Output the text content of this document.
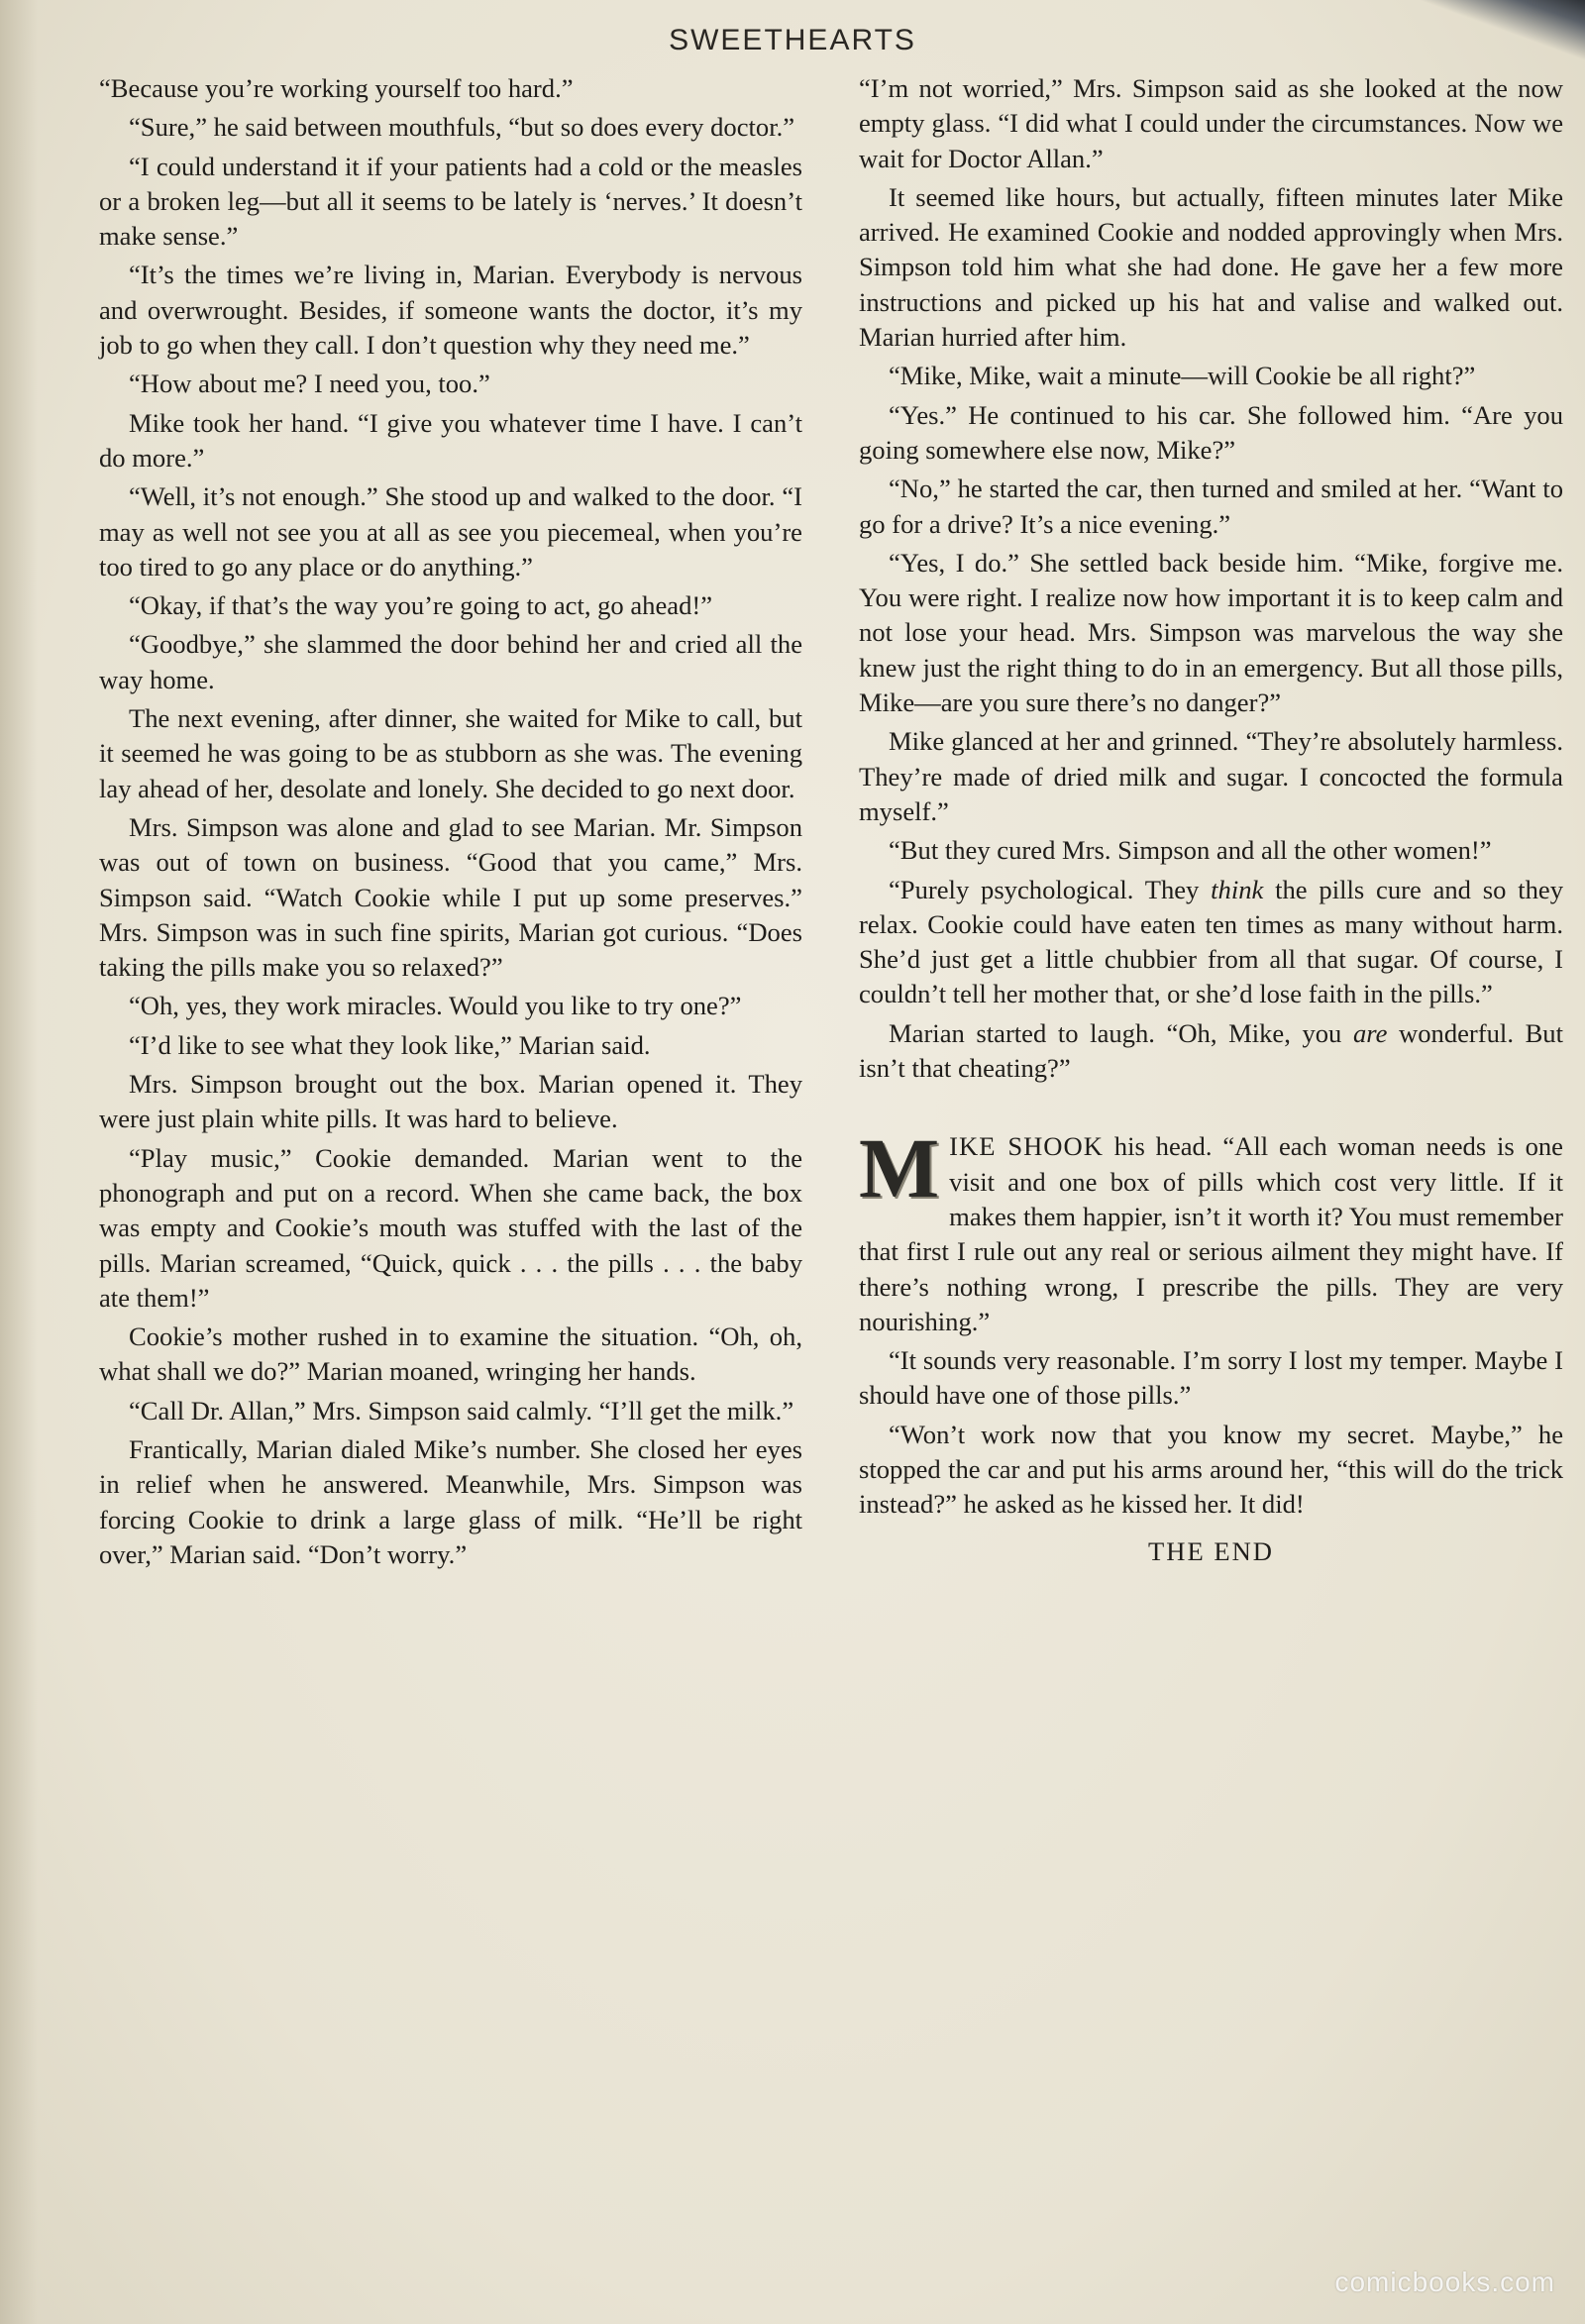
SWEETHEARTS

“Because you’re working yourself too hard.”

“Sure,” he said between mouthfuls, “but so does every doctor.”

“I could understand it if your patients had a cold or the measles or a broken leg—but all it seems to be lately is ‘nerves.’ It doesn’t make sense.”

“It’s the times we’re living in, Marian. Everybody is nervous and overwrought. Besides, if someone wants the doctor, it’s my job to go when they call. I don’t question why they need me.”

“How about me? I need you, too.”

Mike took her hand. “I give you whatever time I have. I can’t do more.”

“Well, it’s not enough.” She stood up and walked to the door. “I may as well not see you at all as see you piecemeal, when you’re too tired to go any place or do anything.”

“Okay, if that’s the way you’re going to act, go ahead!”

“Goodbye,” she slammed the door behind her and cried all the way home.

The next evening, after dinner, she waited for Mike to call, but it seemed he was going to be as stubborn as she was. The evening lay ahead of her, desolate and lonely. She decided to go next door.

Mrs. Simpson was alone and glad to see Marian. Mr. Simpson was out of town on business. “Good that you came,” Mrs. Simpson said. “Watch Cookie while I put up some preserves.” Mrs. Simpson was in such fine spirits, Marian got curious. “Does taking the pills make you so relaxed?”

“Oh, yes, they work miracles. Would you like to try one?”

“I’d like to see what they look like,” Marian said.

Mrs. Simpson brought out the box. Marian opened it. They were just plain white pills. It was hard to believe.

“Play music,” Cookie demanded. Marian went to the phonograph and put on a record. When she came back, the box was empty and Cookie’s mouth was stuffed with the last of the pills. Marian screamed, “Quick, quick . . . the pills . . . the baby ate them!”

Cookie’s mother rushed in to examine the situation. “Oh, oh, what shall we do?” Marian moaned, wringing her hands.

“Call Dr. Allan,” Mrs. Simpson said calmly. “I’ll get the milk.”

Frantically, Marian dialed Mike’s number. She closed her eyes in relief when he answered. Meanwhile, Mrs. Simpson was forcing Cookie to drink a large glass of milk. “He’ll be right over,” Marian said. “Don’t worry.”

“I’m not worried,” Mrs. Simpson said as she looked at the now empty glass. “I did what I could under the circumstances. Now we wait for Doctor Allan.”

It seemed like hours, but actually, fifteen minutes later Mike arrived. He examined Cookie and nodded approvingly when Mrs. Simpson told him what she had done. He gave her a few more instructions and picked up his hat and valise and walked out. Marian hurried after him.

“Mike, Mike, wait a minute—will Cookie be all right?”

“Yes.” He continued to his car. She followed him. “Are you going somewhere else now, Mike?”

“No,” he started the car, then turned and smiled at her. “Want to go for a drive? It’s a nice evening.”

“Yes, I do.” She settled back beside him. “Mike, forgive me. You were right. I realize now how important it is to keep calm and not lose your head. Mrs. Simpson was marvelous the way she knew just the right thing to do in an emergency. But all those pills, Mike—are you sure there’s no danger?”

Mike glanced at her and grinned. “They’re absolutely harmless. They’re made of dried milk and sugar. I concocted the formula myself.”

“But they cured Mrs. Simpson and all the other women!”

“Purely psychological. They think the pills cure and so they relax. Cookie could have eaten ten times as many without harm. She’d just get a little chubbier from all that sugar. Of course, I couldn’t tell her mother that, or she’d lose faith in the pills.”

Marian started to laugh. “Oh, Mike, you are wonderful. But isn’t that cheating?”

MIKE SHOOK his head. “All each woman needs is one visit and one box of pills which cost very little. If it makes them happier, isn’t it worth it? You must remember that first I rule out any real or serious ailment they might have. If there’s nothing wrong, I prescribe the pills. They are very nourishing.”

“It sounds very reasonable. I’m sorry I lost my temper. Maybe I should have one of those pills.”

“Won’t work now that you know my secret. Maybe,” he stopped the car and put his arms around her, “this will do the trick instead?” he asked as he kissed her. It did!

THE END

comicbooks.com
